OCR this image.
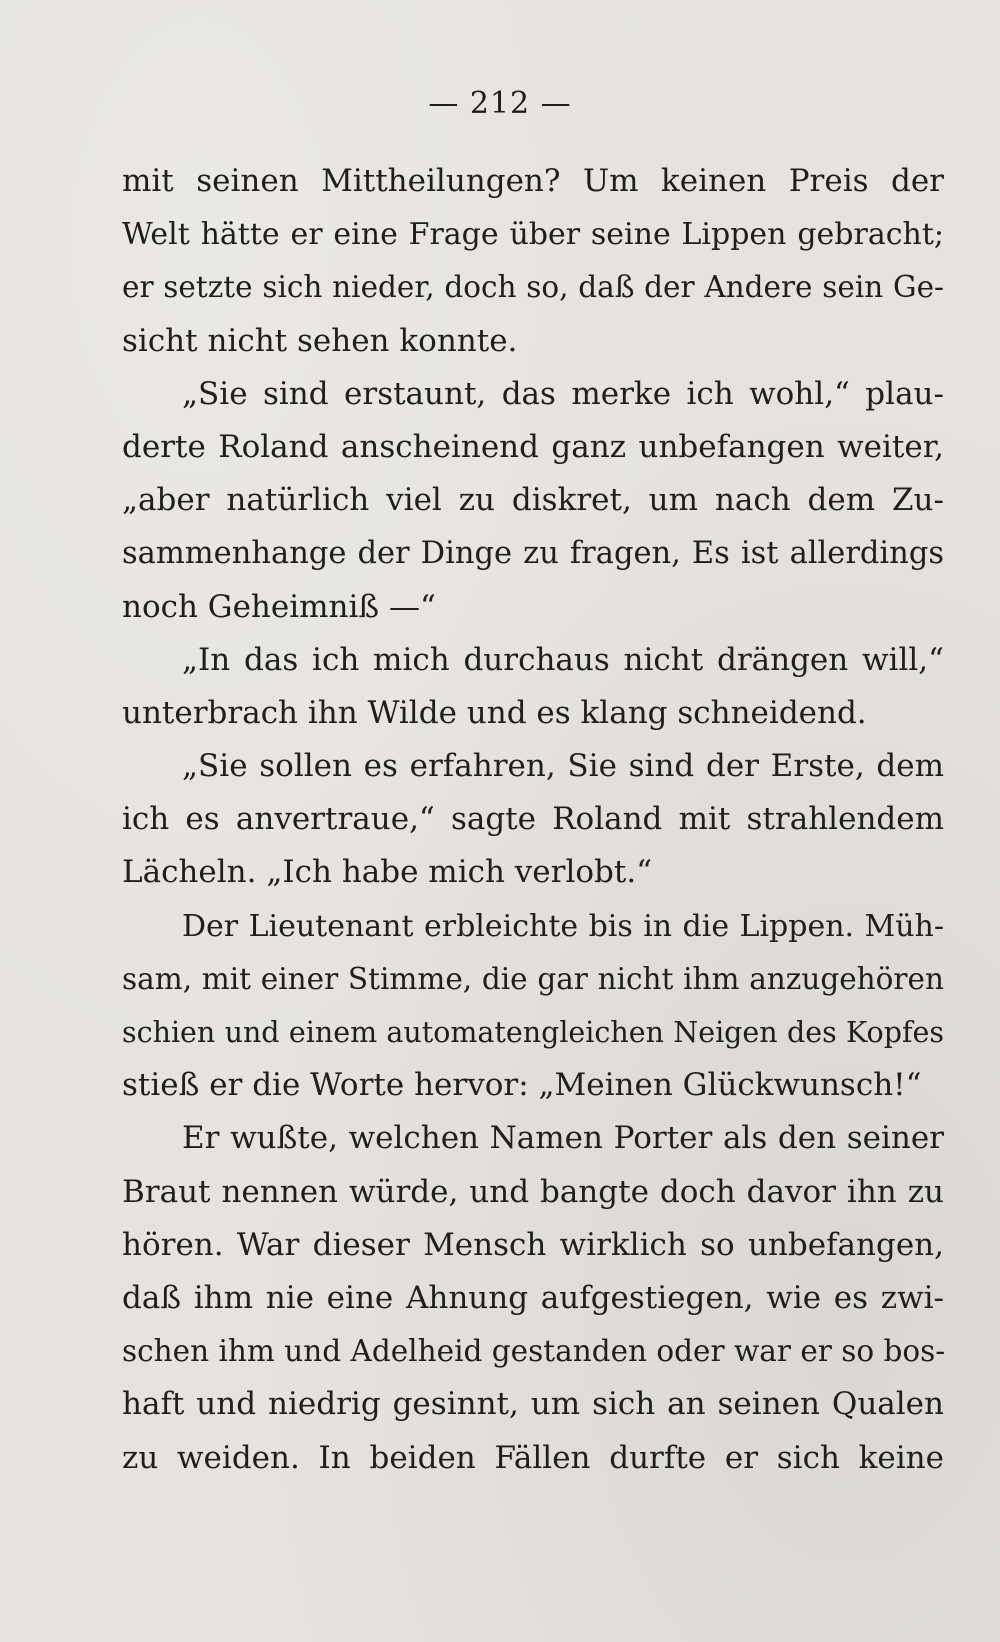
— 212 —
mit seinen Mittheilungen? Um keinen Preis der
Welt hätte er eine Frage über seine Lippen gebracht;
er setzte sich nieder, doch so, daß der Andere sein Ge-
sicht nicht sehen konnte.
„Sie sind erstaunt, das merke ich wohl,“ plau-
derte Roland anscheinend ganz unbefangen weiter,
„aber natürlich viel zu diskret, um nach dem Zu-
sammenhange der Dinge zu fragen, Es ist allerdings
noch Geheimniß —“
„In das ich mich durchaus nicht drängen will,“
unterbrach ihn Wilde und es klang schneidend.
„Sie sollen es erfahren, Sie sind der Erste, dem
ich es anvertraue,“ sagte Roland mit strahlendem
Lächeln. „Ich habe mich verlobt.“
Der Lieutenant erbleichte bis in die Lippen. Müh-
sam, mit einer Stimme, die gar nicht ihm anzugehören
schien und einem automatengleichen Neigen des Kopfes
stieß er die Worte hervor: „Meinen Glückwunsch!“
Er wußte, welchen Namen Porter als den seiner
Braut nennen würde, und bangte doch davor ihn zu
hören. War dieser Mensch wirklich so unbefangen,
daß ihm nie eine Ahnung aufgestiegen, wie es zwi-
schen ihm und Adelheid gestanden oder war er so bos-
haft und niedrig gesinnt, um sich an seinen Qualen
zu weiden. In beiden Fällen durfte er sich keine
